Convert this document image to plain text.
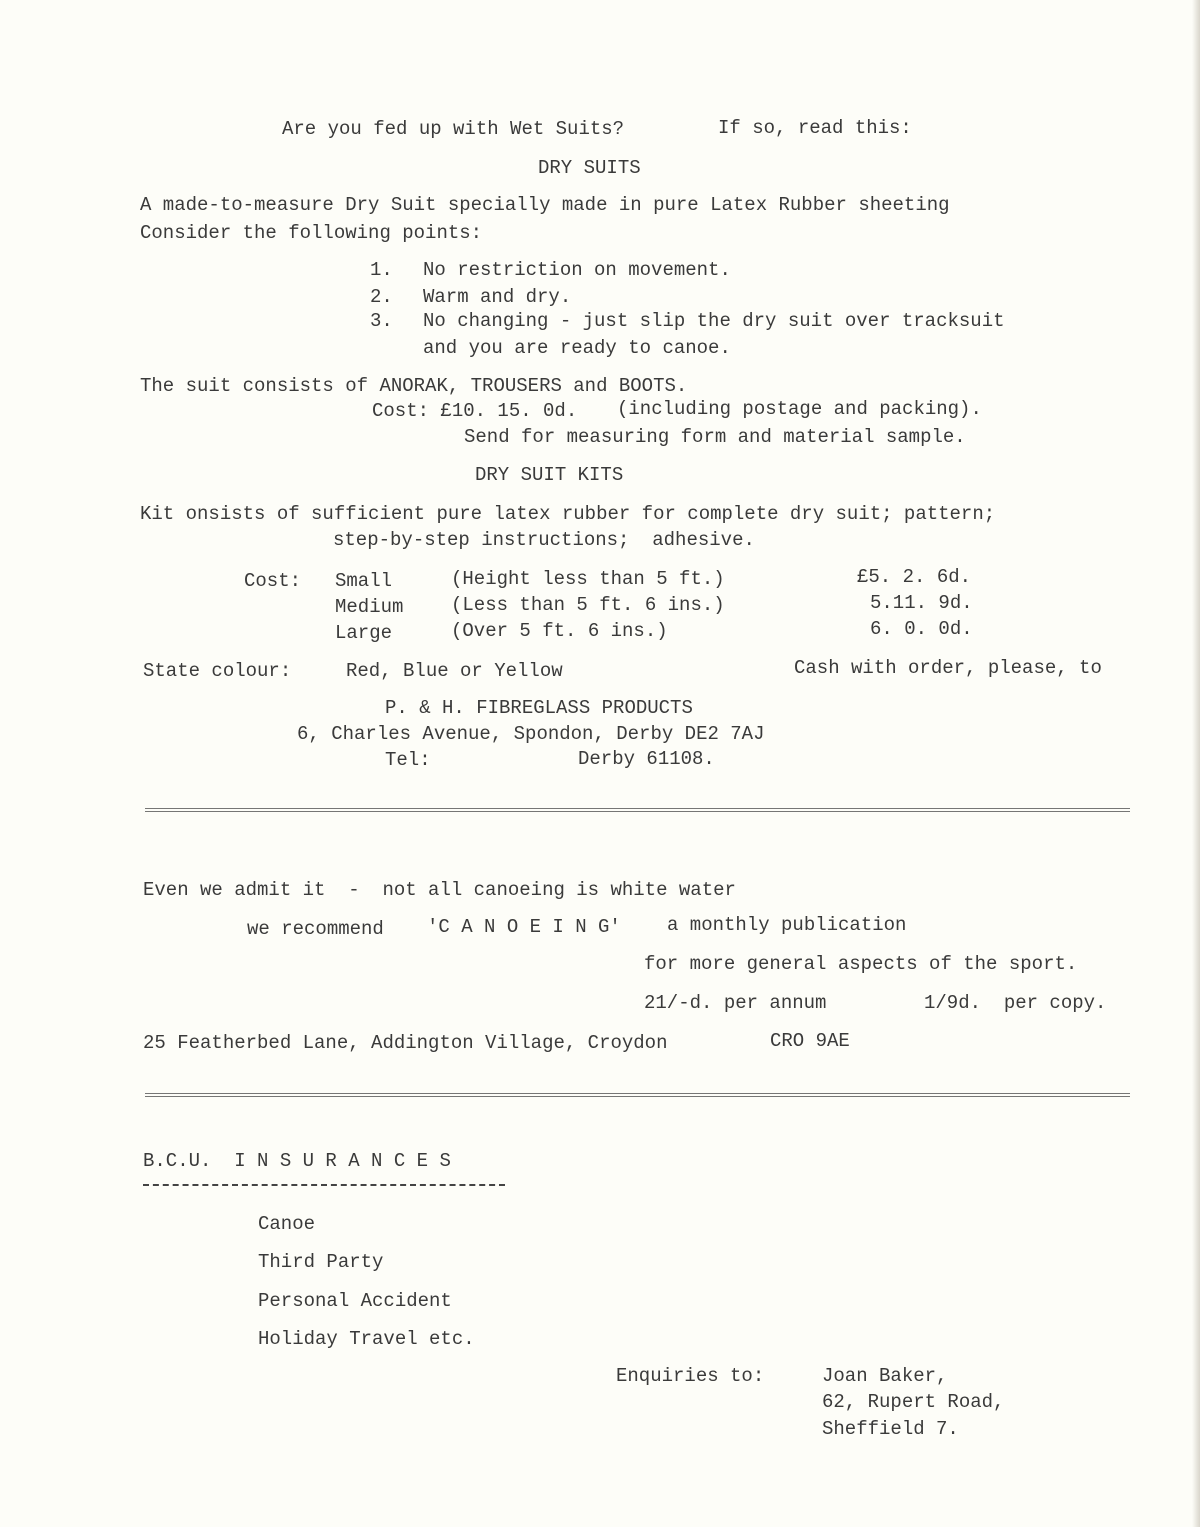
Are you fed up with Wet Suits?	If so, read this:
DRY SUITS
A made-to-measure Dry Suit specially made in pure Latex Rubber sheeting
Consider the following points:
1. No restriction on movement.
2. Warm and dry.
3. No changing - just slip the dry suit over tracksuit
and you are ready to canoe.
The suit consists of ANORAK, TROUSERS and BOOTS.
Cost: £10. 15. 0d. (including postage and packing).
Send for measuring form and material sample.
DRY SUIT KITS
Kit onsists of sufficient pure latex rubber for complete dry suit; pattern;
step-by-step instructions;  adhesive.
Cost: Small	(Height less than 5 ft.)	£5. 2. 6d.
Medium	(Less than 5 ft. 6 ins.)	5.11. 9d.
Large	(Over 5 ft. 6 ins.)	6. 0. 0d.
State colour:	Red, Blue or Yellow	Cash with order, please, to
P. & H. FIBREGLASS PRODUCTS
6, Charles Avenue, Spondon, Derby DE2 7AJ
Tel:	Derby 61108.
Even we admit it  -  not all canoeing is white water
we recommend 'C A N O E I N G' a monthly publication
for more general aspects of the sport.
21/-d. per annum	1/9d.  per copy.
25 Featherbed Lane, Addington Village, Croydon	CRO 9AE
B.C.U.  I N S U R A N C E S
Canoe
Third Party
Personal Accident
Holiday Travel etc.
Enquiries to:	Joan Baker,
62, Rupert Road,
Sheffield 7.
